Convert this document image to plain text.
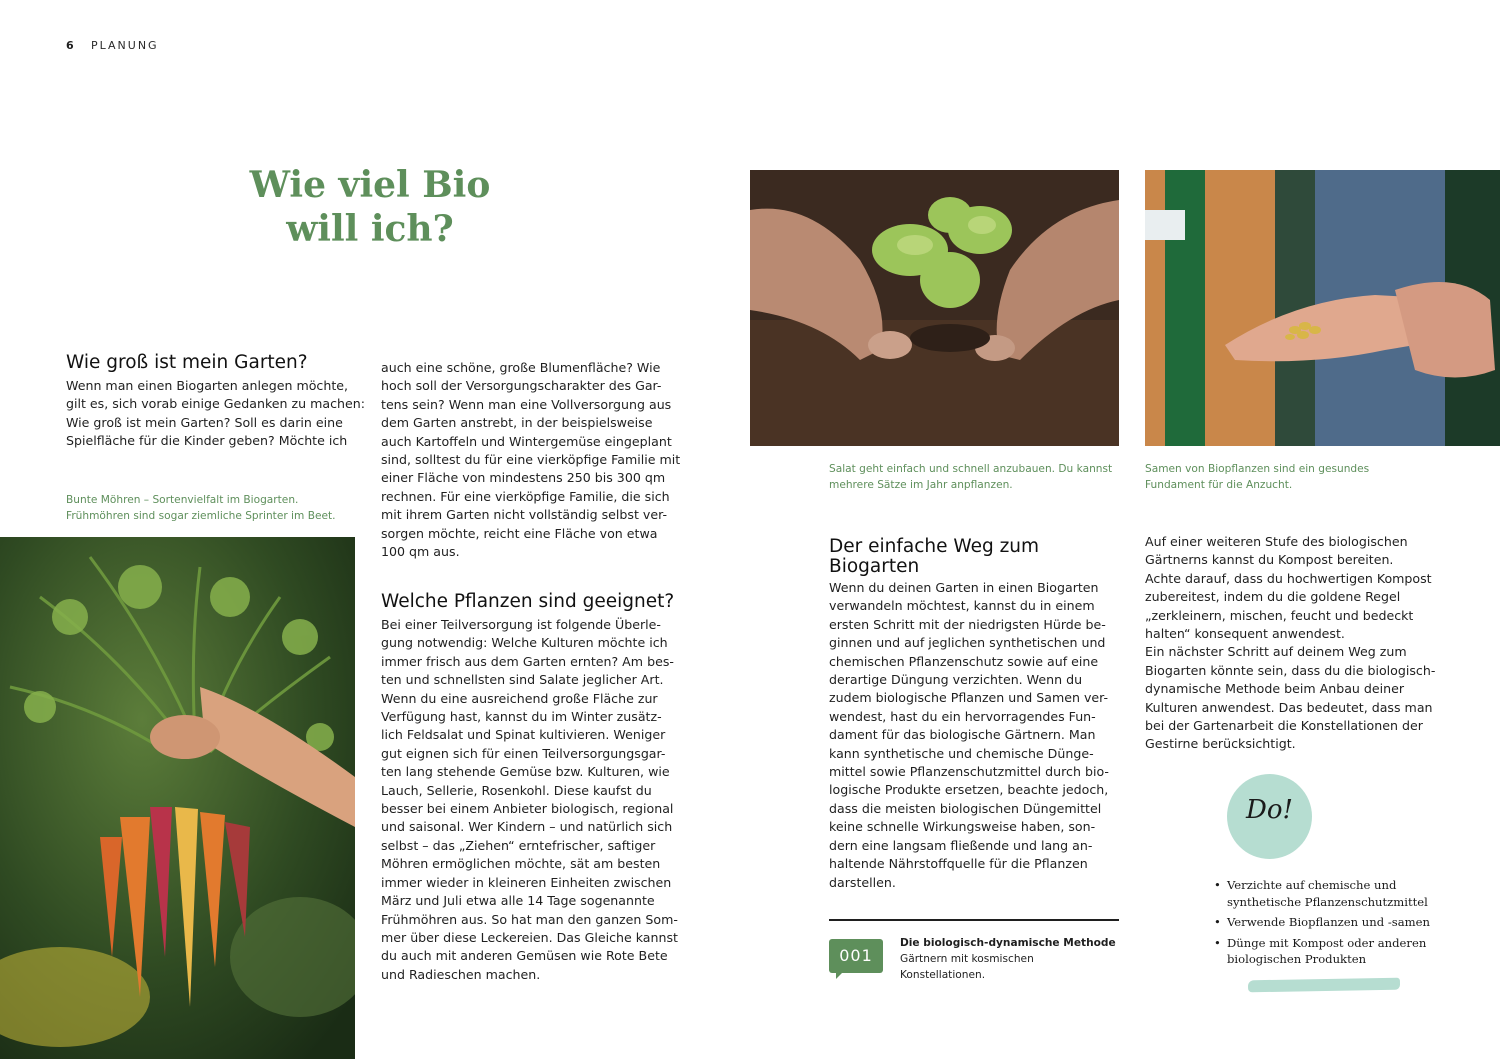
6 PLANUNG
Wie viel Bio
will ich?
Wie groß ist mein Garten?
Wenn man einen Biogarten anlegen möchte,
gilt es, sich vorab einige Gedanken zu machen:
Wie groß ist mein Garten? Soll es darin eine
Spielfläche für die Kinder geben? Möchte ich
Bunte Möhren – Sortenvielfalt im Biogarten.
Frühmöhren sind sogar ziemliche Sprinter im Beet.
auch eine schöne, große Blumenfläche? Wie
hoch soll der Versorgungscharakter des Gar-
tens sein? Wenn man eine Vollversorgung aus
dem Garten anstrebt, in der beispielsweise
auch Kartoffeln und Wintergemüse eingeplant
sind, solltest du für eine vierköpfige Familie mit
einer Fläche von mindestens 250 bis 300 qm
rechnen. Für eine vierköpfige Familie, die sich
mit ihrem Garten nicht vollständig selbst ver-
sorgen möchte, reicht eine Fläche von etwa
100 qm aus.
Welche Pflanzen sind geeignet?
Bei einer Teilversorgung ist folgende Überle-
gung notwendig: Welche Kulturen möchte ich
immer frisch aus dem Garten ernten? Am bes-
ten und schnellsten sind Salate jeglicher Art.
Wenn du eine ausreichend große Fläche zur
Verfügung hast, kannst du im Winter zusätz-
lich Feldsalat und Spinat kultivieren. Weniger
gut eignen sich für einen Teilversorgungsgar-
ten lang stehende Gemüse bzw. Kulturen, wie
Lauch, Sellerie, Rosenkohl. Diese kaufst du
besser bei einem Anbieter biologisch, regional
und saisonal. Wer Kindern – und natürlich sich
selbst – das „Ziehen“ erntefrischer, saftiger
Möhren ermöglichen möchte, sät am besten
immer wieder in kleineren Einheiten zwischen
März und Juli etwa alle 14 Tage sogenannte
Frühmöhren aus. So hat man den ganzen Som-
mer über diese Leckereien. Das Gleiche kannst
du auch mit anderen Gemüsen wie Rote Bete
und Radieschen machen.
Salat geht einfach und schnell anzubauen. Du kannst
mehrere Sätze im Jahr anpflanzen.
Samen von Biopflanzen sind ein gesundes
Fundament für die Anzucht.
Der einfache Weg zum
Biogarten
Wenn du deinen Garten in einen Biogarten
verwandeln möchtest, kannst du in einem
ersten Schritt mit der niedrigsten Hürde be-
ginnen und auf jeglichen synthetischen und
chemischen Pflanzenschutz sowie auf eine
derartige Düngung verzichten. Wenn du
zudem biologische Pflanzen und Samen ver-
wendest, hast du ein hervorragendes Fun-
dament für das biologische Gärtnern. Man
kann synthetische und chemische Dünge-
mittel sowie Pflanzenschutzmittel durch bio-
logische Produkte ersetzen, beachte jedoch,
dass die meisten biologischen Düngemittel
keine schnelle Wirkungsweise haben, son-
dern eine langsam fließende und lang an-
haltende Nährstoffquelle für die Pflanzen
darstellen.
001
Die biologisch-dynamische Methode
Gärtnern mit kosmischen
Konstellationen.
Auf einer weiteren Stufe des biologischen
Gärtnerns kannst du Kompost bereiten.
Achte darauf, dass du hochwertigen Kompost
zubereitest, indem du die goldene Regel
„zerkleinern, mischen, feucht und bedeckt
halten“ konsequent anwendest.
Ein nächster Schritt auf deinem Weg zum
Biogarten könnte sein, dass du die biologisch-
dynamische Methode beim Anbau deiner
Kulturen anwendest. Das bedeutet, dass man
bei der Gartenarbeit die Konstellationen der
Gestirne berücksichtigt.
Do!
• Verzichte auf chemische und
synthetische Pflanzenschutzmittel
• Verwende Biopflanzen und -samen
• Dünge mit Kompost oder anderen
biologischen Produkten
